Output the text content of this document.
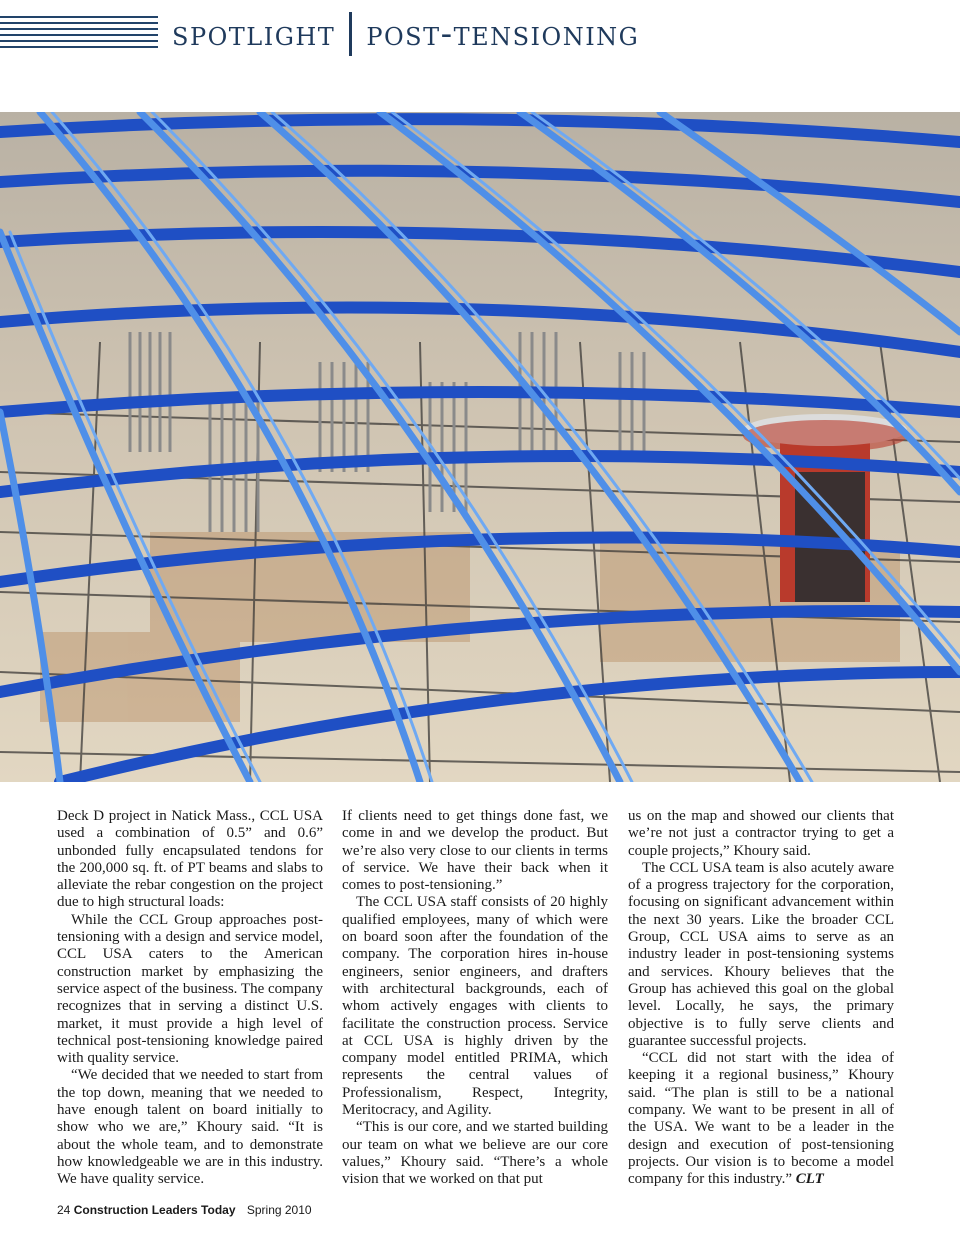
spotlight post-tensioning

Deck D project in Natick Mass., CCL USA used a combination of 0.5” and 0.6” unbonded fully encapsulated tendons for the 200,000 sq. ft. of PT beams and slabs to alleviate the rebar congestion on the project due to high structural loads:

While the CCL Group approaches post-tensioning with a design and service model, CCL USA caters to the American construction market by emphasizing the service aspect of the business. The company recognizes that in serving a distinct U.S. market, it must provide a high level of technical post-tensioning knowledge paired with quality service.

“We decided that we needed to start from the top down, meaning that we needed to have enough talent on board initially to show who we are,” Khoury said. “It is about the whole team, and to demonstrate how knowledgeable we are in this industry. We have quality service.

If clients need to get things done fast, we come in and we develop the product. But we’re also very close to our clients in terms of service. We have their back when it comes to post-tensioning.”

The CCL USA staff consists of 20 highly qualified employees, many of which were on board soon after the foundation of the company. The corporation hires in-house engineers, senior engineers, and drafters with architectural backgrounds, each of whom actively engages with clients to facilitate the construction process. Service at CCL USA is highly driven by the company model entitled PRIMA, which represents the central values of Professionalism, Respect, Integrity, Meritocracy, and Agility.

“This is our core, and we started building our team on what we believe are our core values,” Khoury said. “There’s a whole vision that we worked on that put

us on the map and showed our clients that we’re not just a contractor trying to get a couple projects,” Khoury said.

The CCL USA team is also acutely aware of a progress trajectory for the corporation, focusing on significant advancement within the next 30 years. Like the broader CCL Group, CCL USA aims to serve as an industry leader in post-tensioning systems and services. Khoury believes that the Group has achieved this goal on the global level. Locally, he says, the primary objective is to fully serve clients and guarantee successful projects.

“CCL did not start with the idea of keeping it a regional business,” Khoury said. “The plan is still to be a national company. We want to be present in all of the USA. We want to be a leader in the design and execution of post-tensioning projects. Our vision is to become a model company for this industry.” CLT

24 Construction Leaders Today Spring 2010
